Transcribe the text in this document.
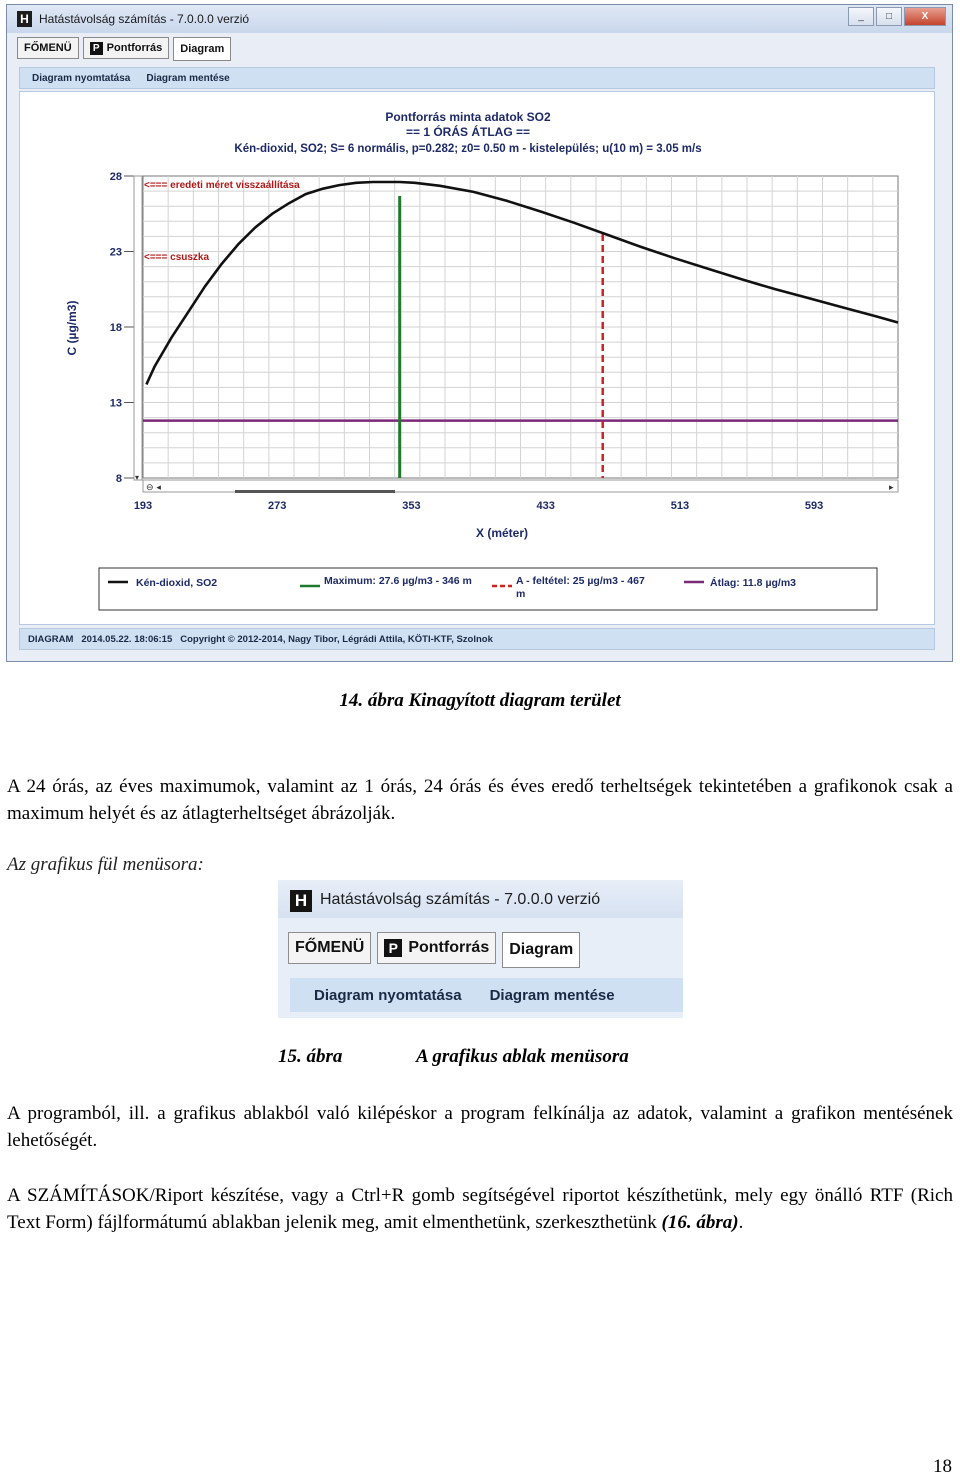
H Hatástávolság számítás - 7.0.0.0 verzió	_	□	X
FŐMENÜ	P Pontforrás Diagram
Diagram nyomtatása Diagram mentése
Pontforrás minta adatok SO2
== 1 ÓRÁS ÁTLAG ==
Kén-dioxid, SO2; S= 6 normális, p=0.282; z0= 0.50 m - kistelepülés; u(10 m) = 3.05 m/s
C (µg/m3)
X (méter)
28
23
18
13
8
193	273	353	433	513	593
⊖ ◂	▸
▾
<=== eredeti méret visszaállítása
<=== csuszka
Kén-dioxid, SO2	Maximum: 27.6 µg/m3 - 346 m	A - feltétel: 25 µg/m3 - 467 m
Átlag: 11.8 µg/m3
DIAGRAM 2014.05.22. 18:06:15 Copyright © 2012-2014, Nagy Tibor, Légrádi Attila, KÖTI-KTF, Szolnok
14. ábra Kinagyított diagram terület
A 24 órás, az éves maximumok, valamint az 1 órás, 24 órás és éves eredő terheltségek tekintetében a grafikonok csak a maximum helyét és az átlagterheltséget ábrázolják.
Az grafikus fül menüsora:
H Hatástávolság számítás - 7.0.0.0 verzió
FŐMENÜ	P Pontforrás Diagram
Diagram nyomtatása Diagram mentése
15. ábra	A grafikus ablak menüsora
A programból, ill. a grafikus ablakból való kilépéskor a program felkínálja az adatok, valamint a grafikon mentésének lehetőségét.
A SZÁMÍTÁSOK/Riport készítése, vagy a Ctrl+R gomb segítségével riportot készíthetünk, mely egy önálló RTF (Rich Text Form) fájlformátumú ablakban jelenik meg, amit elmenthetünk, szerkeszthetünk (16. ábra).
18
